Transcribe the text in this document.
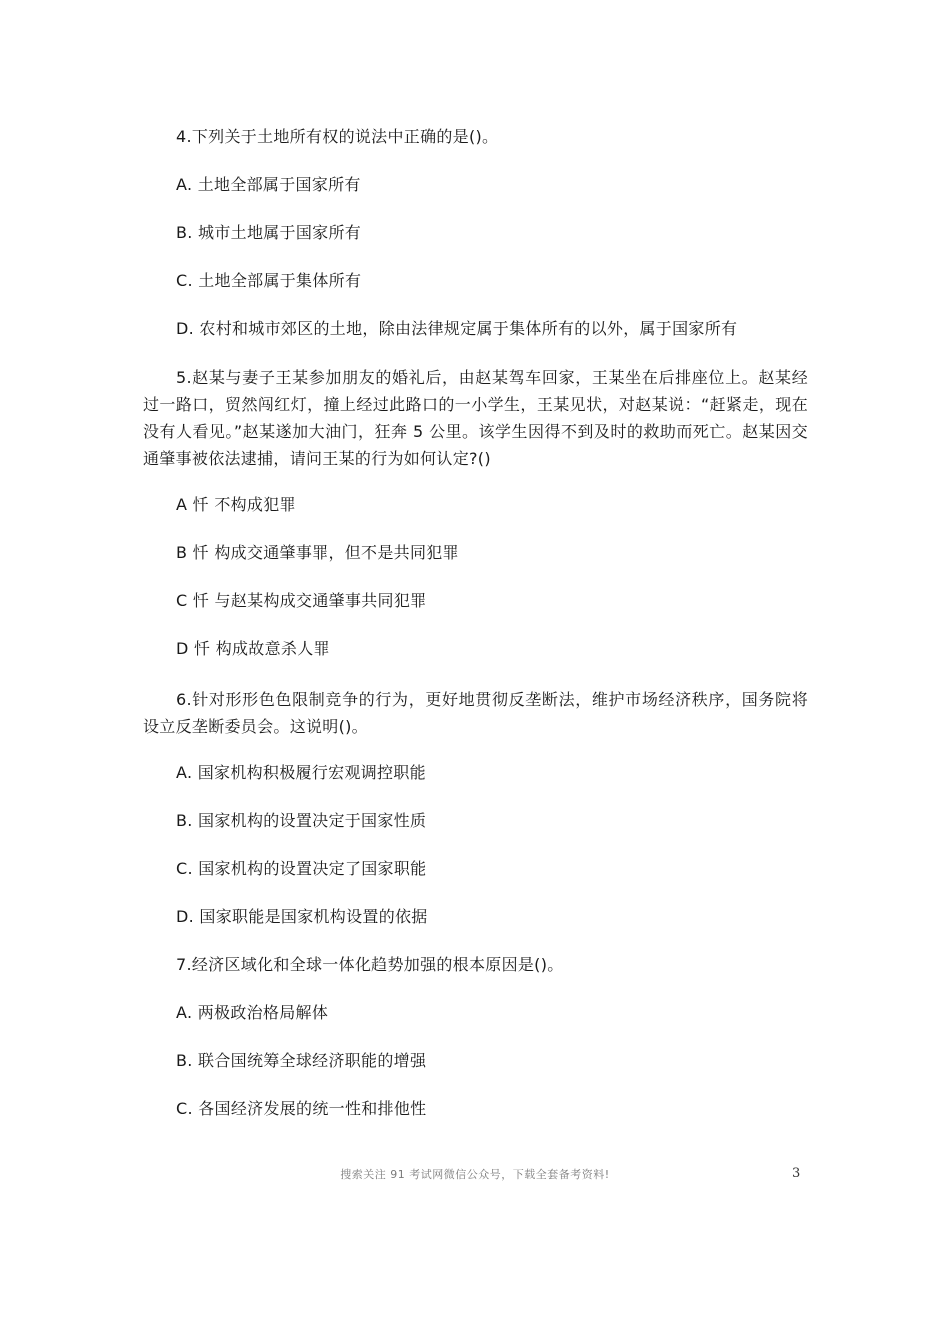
4.下列关于土地所有权的说法中正确的是()。
A. 土地全部属于国家所有
B. 城市土地属于国家所有
C. 土地全部属于集体所有
D. 农村和城市郊区的土地，除由法律规定属于集体所有的以外，属于国家所有
5.赵某与妻子王某参加朋友的婚礼后，由赵某驾车回家，王某坐在后排座位上。赵某经过一路口，贸然闯红灯，撞上经过此路口的一小学生，王某见状，对赵某说：“赶紧走，现在没有人看见。”赵某遂加大油门，狂奔 5 公里。该学生因得不到及时的救助而死亡。赵某因交通肇事被依法逮捕，请问王某的行为如何认定?()
A 忏 不构成犯罪
B 忏 构成交通肇事罪，但不是共同犯罪
C 忏 与赵某构成交通肇事共同犯罪
D 忏 构成故意杀人罪
6.针对形形色色限制竞争的行为，更好地贯彻反垄断法，维护市场经济秩序，国务院将设立反垄断委员会。这说明()。
A. 国家机构积极履行宏观调控职能
B. 国家机构的设置决定于国家性质
C. 国家机构的设置决定了国家职能
D. 国家职能是国家机构设置的依据
7.经济区域化和全球一体化趋势加强的根本原因是()。
A. 两极政治格局解体
B. 联合国统筹全球经济职能的增强
C. 各国经济发展的统一性和排他性
搜索关注 91 考试网微信公众号，下载全套备考资料!	3
